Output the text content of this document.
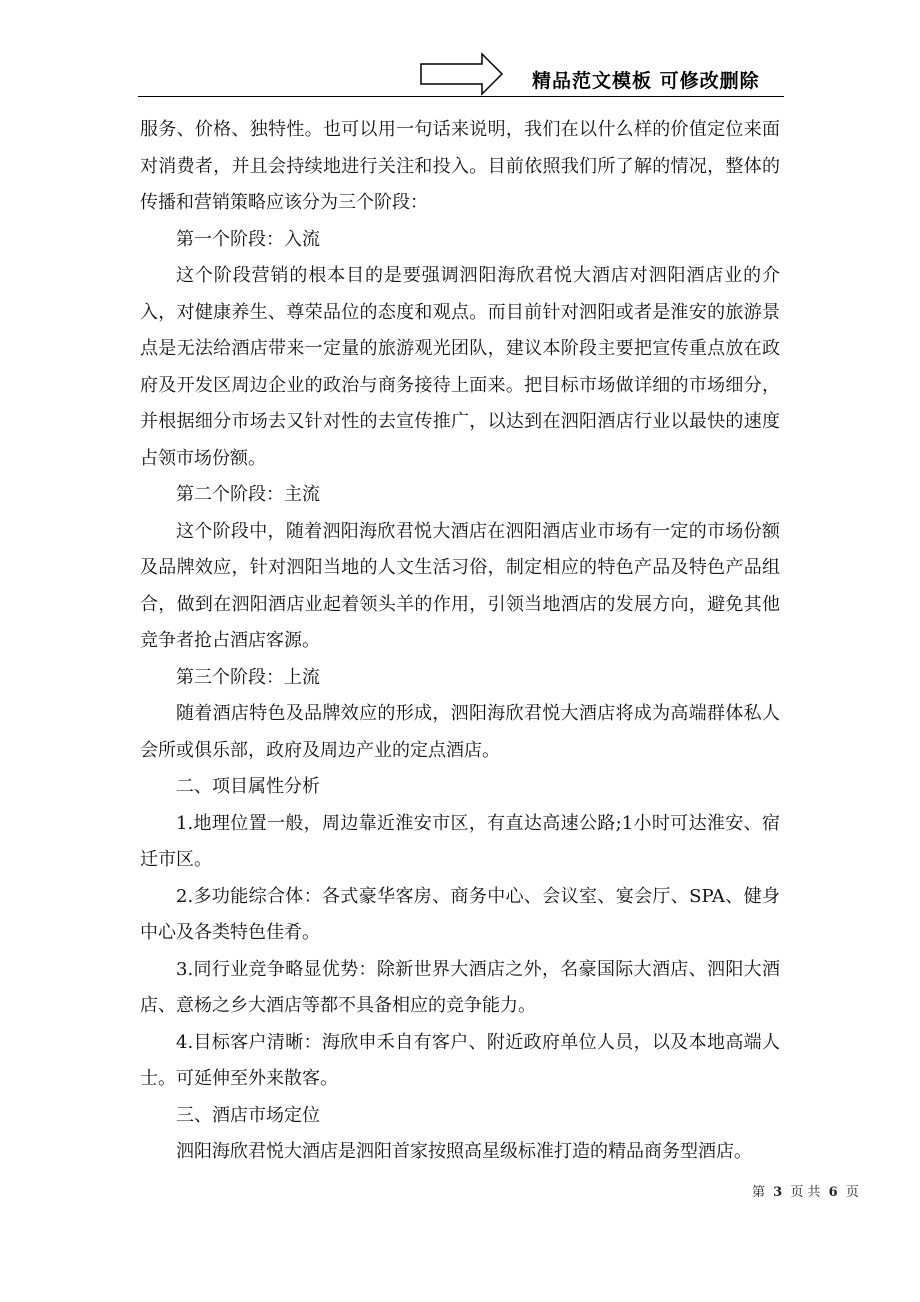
精品范文模板 可修改删除

服务、价格、独特性。也可以用一句话来说明，我们在以什么样的价值定位来面对消费者，并且会持续地进行关注和投入。目前依照我们所了解的情况，整体的传播和营销策略应该分为三个阶段：

第一个阶段：入流

这个阶段营销的根本目的是要强调泗阳海欣君悦大酒店对泗阳酒店业的介入，对健康养生、尊荣品位的态度和观点。而目前针对泗阳或者是淮安的旅游景点是无法给酒店带来一定量的旅游观光团队，建议本阶段主要把宣传重点放在政府及开发区周边企业的政治与商务接待上面来。把目标市场做详细的市场细分，并根据细分市场去又针对性的去宣传推广，以达到在泗阳酒店行业以最快的速度占领市场份额。

第二个阶段：主流

这个阶段中，随着泗阳海欣君悦大酒店在泗阳酒店业市场有一定的市场份额及品牌效应，针对泗阳当地的人文生活习俗，制定相应的特色产品及特色产品组合，做到在泗阳酒店业起着领头羊的作用，引领当地酒店的发展方向，避免其他竞争者抢占酒店客源。

第三个阶段：上流

随着酒店特色及品牌效应的形成，泗阳海欣君悦大酒店将成为高端群体私人会所或俱乐部，政府及周边产业的定点酒店。

二、项目属性分析

1.地理位置一般，周边靠近淮安市区，有直达高速公路;1小时可达淮安、宿迁市区。

2.多功能综合体：各式豪华客房、商务中心、会议室、宴会厅、SPA、健身中心及各类特色佳肴。

3.同行业竞争略显优势：除新世界大酒店之外，名豪国际大酒店、泗阳大酒店、意杨之乡大酒店等都不具备相应的竞争能力。

4.目标客户清晰：海欣申禾自有客户、附近政府单位人员，以及本地高端人士。可延伸至外来散客。

三、酒店市场定位

泗阳海欣君悦大酒店是泗阳首家按照高星级标准打造的精品商务型酒店。

第 3 页 共 6 页
